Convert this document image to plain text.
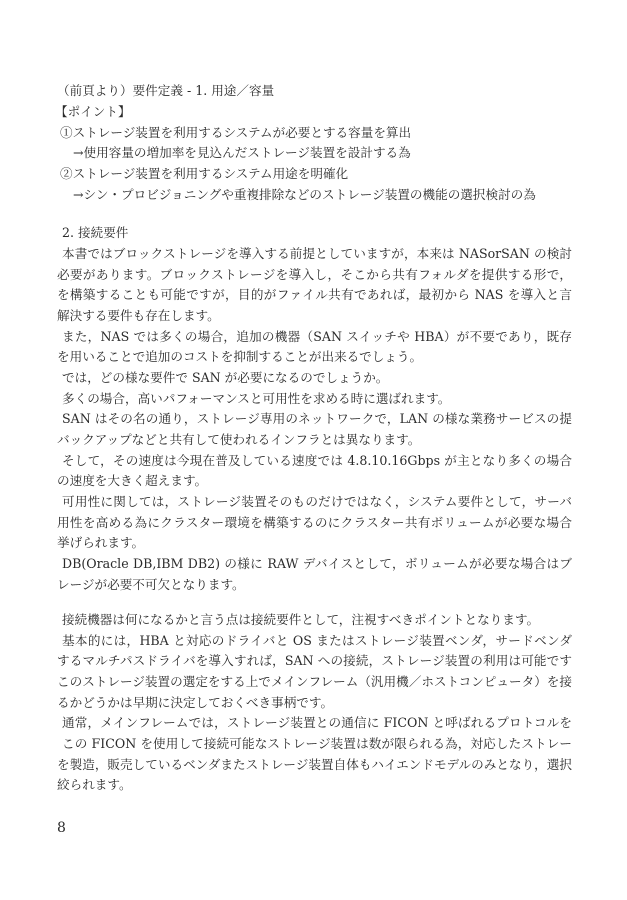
（前頁より）要件定義 - 1. 用途／容量
【ポイント】
①ストレージ装置を利用するシステムが必要とする容量を算出
→使用容量の増加率を見込んだストレージ装置を設計する為
②ストレージ装置を利用するシステム用途を明確化
→シン・プロビジョニングや重複排除などのストレージ装置の機能の選択検討の為
2. 接続要件
本書ではブロックストレージを導入する前提としていますが，本来は NASorSAN の検討
必要があります。ブロックストレージを導入し，そこから共有フォルダを提供する形で，
を構築することも可能ですが，目的がファイル共有であれば，最初から NAS を導入と言
解決する要件も存在します。
また，NAS では多くの場合，追加の機器（SAN スイッチや HBA）が不要であり，既存
を用いることで追加のコストを抑制することが出来るでしょう。
では，どの様な要件で SAN が必要になるのでしょうか。
多くの場合，高いパフォーマンスと可用性を求める時に選ばれます。
SAN はその名の通り，ストレージ専用のネットワークで，LAN の様な業務サービスの提
バックアップなどと共有して使われるインフラとは異なります。
そして，その速度は今現在普及している速度では 4.8.10.16Gbps が主となり多くの場合
の速度を大きく超えます。
可用性に関しては，ストレージ装置そのものだけではなく，システム要件として，サーバ
用性を高める為にクラスター環境を構築するのにクラスター共有ボリュームが必要な場合
挙げられます。
DB(Oracle DB,IBM DB2) の様に RAW デバイスとして，ボリュームが必要な場合はブ
レージが必要不可欠となります。
接続機器は何になるかと言う点は接続要件として，注視すべきポイントとなります。
基本的には，HBA と対応のドライバと OS またはストレージ装置ベンダ，サードベンダ
するマルチパスドライバを導入すれば，SAN への接続，ストレージ装置の利用は可能です
このストレージ装置の選定をする上でメインフレーム（汎用機／ホストコンピュータ）を接
るかどうかは早期に決定しておくべき事柄です。
通常，メインフレームでは，ストレージ装置との通信に FICON と呼ばれるプロトコルを
この FICON を使用して接続可能なストレージ装置は数が限られる為，対応したストレー
を製造，販売しているベンダまたストレージ装置自体もハイエンドモデルのみとなり，選択
絞られます。
8
